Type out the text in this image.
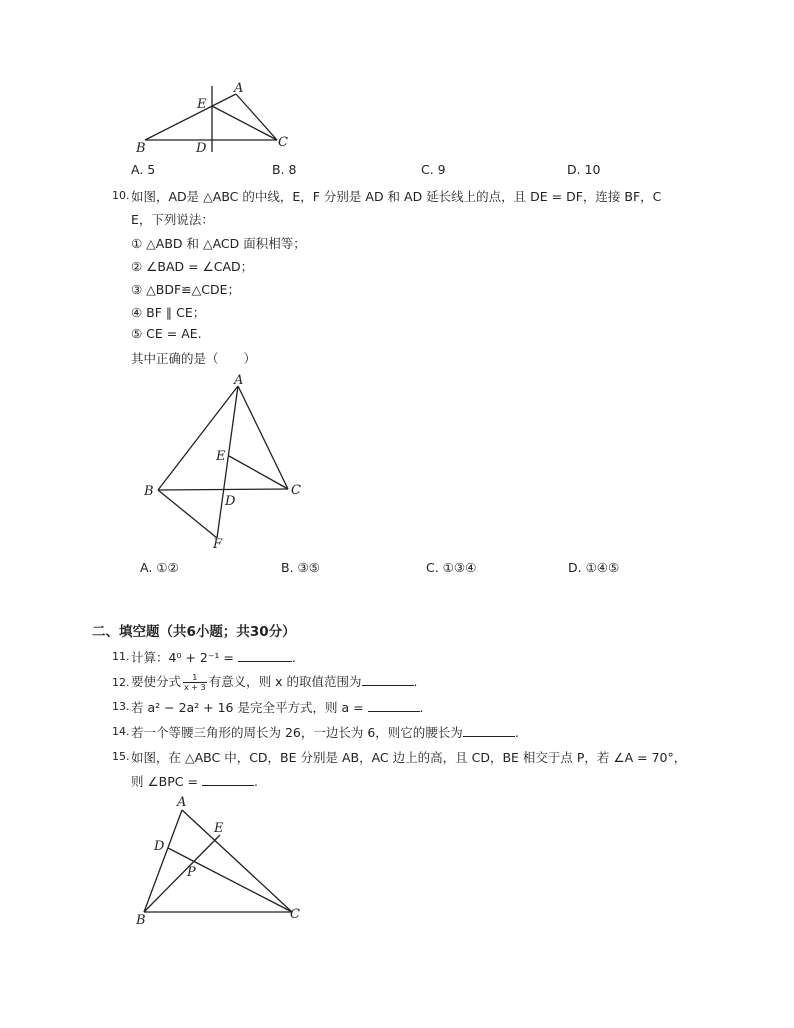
A
E
B	D	C
A. 5	B. 8	C. 9	D. 10
10. 如图，AD是 △ABC 的中线，E，F 分别是 AD 和 AD 延长线上的点，且 DE = DF，连接 BF，C
E，下列说法：
① △ABD 和 △ACD 面积相等；
② ∠BAD = ∠CAD；
③ △BDF≌△CDE；
④ BF ∥ CE；
⑤ CE = AE.
其中正确的是（　　）
A
E
B
D
C
F
A. ①②	B. ③⑤	C. ①③④	D. ①④⑤
二、填空题（共6小题；共30分）
11. 计算：4⁰ + 2⁻¹ =	.
12. 要使分式 $\frac{1}{x + 3}$ 有意义，则 x 的取值范围为	.
13. 若 a² − 2a² + 16 是完全平方式，则 a =	.
14. 若一个等腰三角形的周长为 26，一边长为 6，则它的腰长为	.
15. 如图，在 △ABC 中，CD，BE 分别是 AB，AC 边上的高，且 CD，BE 相交于点 P，若 ∠A = 70°，
则 ∠BPC =	.
A
E
D
P
B	C
